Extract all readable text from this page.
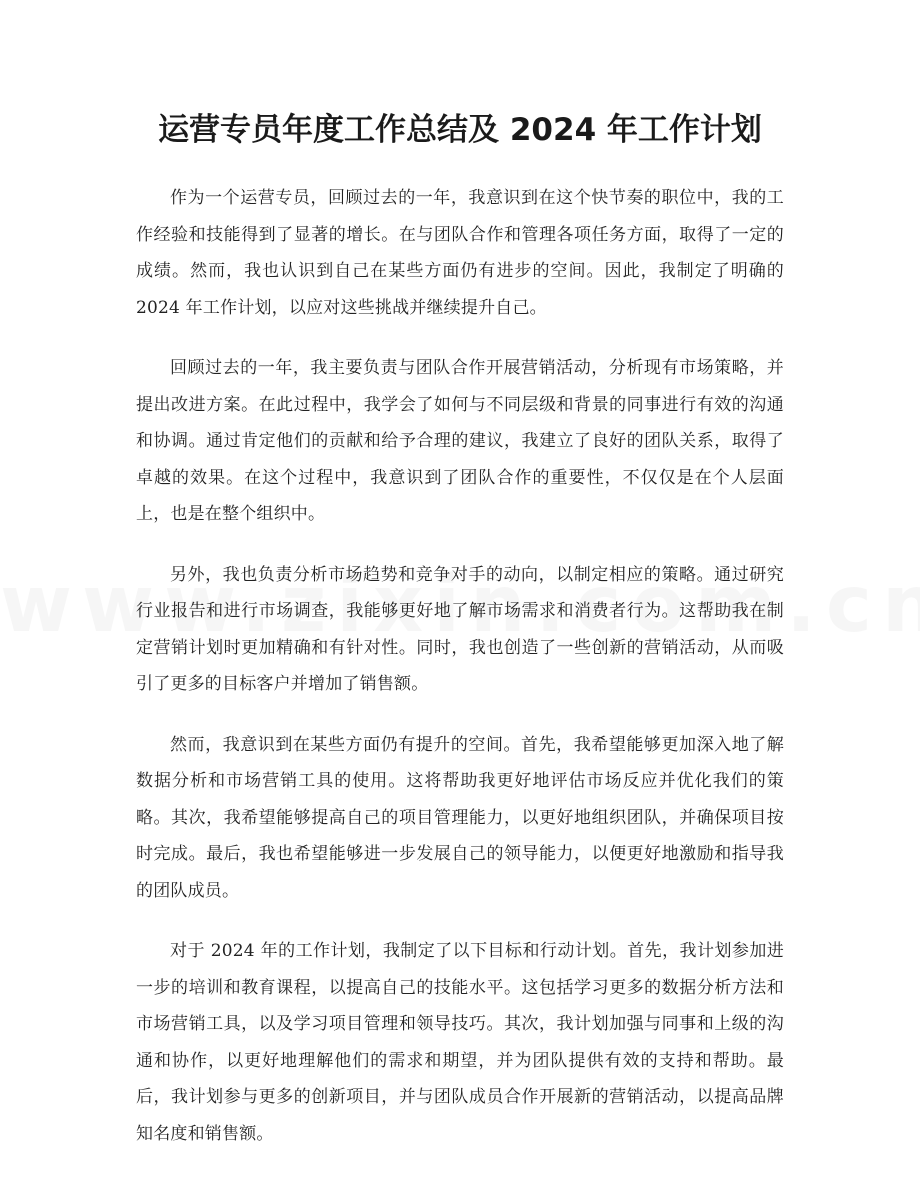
运营专员年度工作总结及 2024 年工作计划

作为一个运营专员，回顾过去的一年，我意识到在这个快节奏的职位中，我的工作经验和技能得到了显著的增长。在与团队合作和管理各项任务方面，取得了一定的成绩。然而，我也认识到自己在某些方面仍有进步的空间。因此，我制定了明确的 2024 年工作计划，以应对这些挑战并继续提升自己。

回顾过去的一年，我主要负责与团队合作开展营销活动，分析现有市场策略，并提出改进方案。在此过程中，我学会了如何与不同层级和背景的同事进行有效的沟通和协调。通过肯定他们的贡献和给予合理的建议，我建立了良好的团队关系，取得了卓越的效果。在这个过程中，我意识到了团队合作的重要性，不仅仅是在个人层面上，也是在整个组织中。

另外，我也负责分析市场趋势和竞争对手的动向，以制定相应的策略。通过研究行业报告和进行市场调查，我能够更好地了解市场需求和消费者行为。这帮助我在制定营销计划时更加精确和有针对性。同时，我也创造了一些创新的营销活动，从而吸引了更多的目标客户并增加了销售额。

然而，我意识到在某些方面仍有提升的空间。首先，我希望能够更加深入地了解数据分析和市场营销工具的使用。这将帮助我更好地评估市场反应并优化我们的策略。其次，我希望能够提高自己的项目管理能力，以更好地组织团队，并确保项目按时完成。最后，我也希望能够进一步发展自己的领导能力，以便更好地激励和指导我的团队成员。

对于 2024 年的工作计划，我制定了以下目标和行动计划。首先，我计划参加进一步的培训和教育课程，以提高自己的技能水平。这包括学习更多的数据分析方法和市场营销工具，以及学习项目管理和领导技巧。其次，我计划加强与同事和上级的沟通和协作，以更好地理解他们的需求和期望，并为团队提供有效的支持和帮助。最后，我计划参与更多的创新项目，并与团队成员合作开展新的营销活动，以提高品牌知名度和销售额。
